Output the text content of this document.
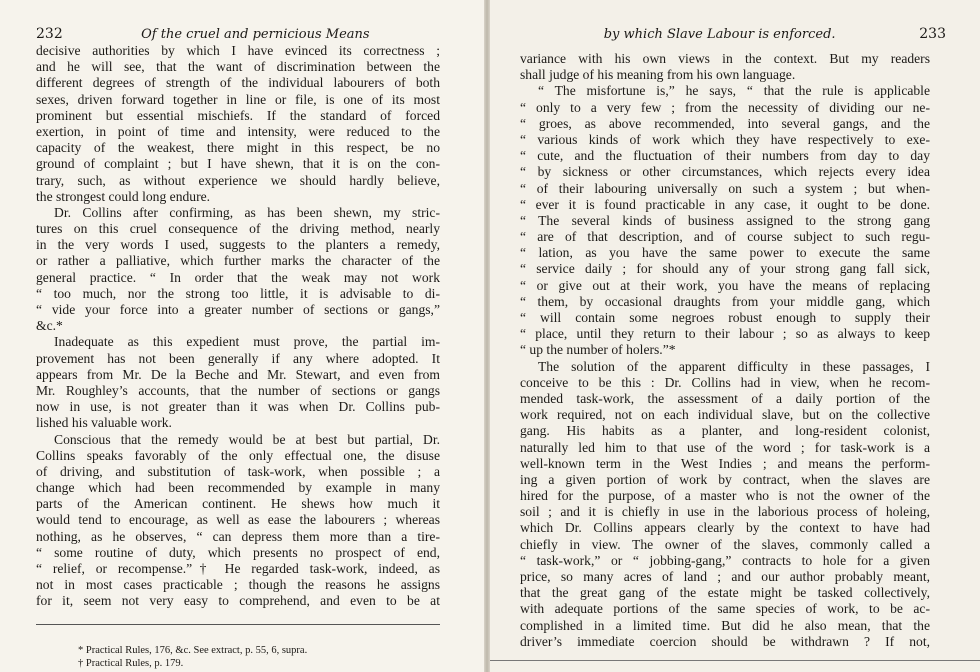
232	Of the cruel and pernicious Means
decisive authorities by which I have evinced its correctness ;
and he will see, that the want of discrimination between the
different degrees of strength of the individual labourers of both
sexes, driven forward together in line or file, is one of its most
prominent but essential mischiefs. If the standard of forced
exertion, in point of time and intensity, were reduced to the
capacity of the weakest, there might in this respect, be no
ground of complaint ; but I have shewn, that it is on the con-
trary, such, as without experience we should hardly believe,
the strongest could long endure.
Dr. Collins after confirming, as has been shewn, my stric-
tures on this cruel consequence of the driving method, nearly
in the very words I used, suggests to the planters a remedy,
or rather a palliative, which further marks the character of the
general practice. “ In order that the weak may not work
“ too much, nor the strong too little, it is advisable to di-
“ vide your force into a greater number of sections or gangs,”
&c.*
Inadequate as this expedient must prove, the partial im-
provement has not been generally if any where adopted. It
appears from Mr. De la Beche and Mr. Stewart, and even from
Mr. Roughley’s accounts, that the number of sections or gangs
now in use, is not greater than it was when Dr. Collins pub-
lished his valuable work.
Conscious that the remedy would be at best but partial, Dr.
Collins speaks favorably of the only effectual one, the disuse
of driving, and substitution of task-work, when possible ; a
change which had been recommended by example in many
parts of the American continent. He shews how much it
would tend to encourage, as well as ease the labourers ; whereas
nothing, as he observes, “ can depress them more than a tire-
“ some routine of duty, which presents no prospect of end,
“ relief, or recompense.”† He regarded task-work, indeed, as
not in most cases practicable ; though the reasons he assigns
for it, seem not very easy to comprehend, and even to be at
* Practical Rules, 176, &c. See extract, p. 55, 6, supra.
† Practical Rules, p. 179.
by which Slave Labour is enforced.	233
variance with his own views in the context. But my readers
shall judge of his meaning from his own language.
“ The misfortune is,” he says, “ that the rule is applicable
“ only to a very few ; from the necessity of dividing our ne-
“ groes, as above recommended, into several gangs, and the
“ various kinds of work which they have respectively to exe-
“ cute, and the fluctuation of their numbers from day to day
“ by sickness or other circumstances, which rejects every idea
“ of their labouring universally on such a system ; but when-
“ ever it is found practicable in any case, it ought to be done.
“ The several kinds of business assigned to the strong gang
“ are of that description, and of course subject to such regu-
“ lation, as you have the same power to execute the same
“ service daily ; for should any of your strong gang fall sick,
“ or give out at their work, you have the means of replacing
“ them, by occasional draughts from your middle gang, which
“ will contain some negroes robust enough to supply their
“ place, until they return to their labour ; so as always to keep
“ up the number of holers.”*
The solution of the apparent difficulty in these passages, I
conceive to be this : Dr. Collins had in view, when he recom-
mended task-work, the assessment of a daily portion of the
work required, not on each individual slave, but on the collective
gang. His habits as a planter, and long-resident colonist,
naturally led him to that use of the word ; for task-work is a
well-known term in the West Indies ; and means the perform-
ing a given portion of work by contract, when the slaves are
hired for the purpose, of a master who is not the owner of the
soil ; and it is chiefly in use in the laborious process of holeing,
which Dr. Collins appears clearly by the context to have had
chiefly in view. The owner of the slaves, commonly called a
“ task-work,” or “ jobbing-gang,” contracts to hole for a given
price, so many acres of land ; and our author probably meant,
that the great gang of the estate might be tasked collectively,
with adequate portions of the same species of work, to be ac-
complished in a limited time. But did he also mean, that the
driver’s immediate coercion should be withdrawn ? If not,
